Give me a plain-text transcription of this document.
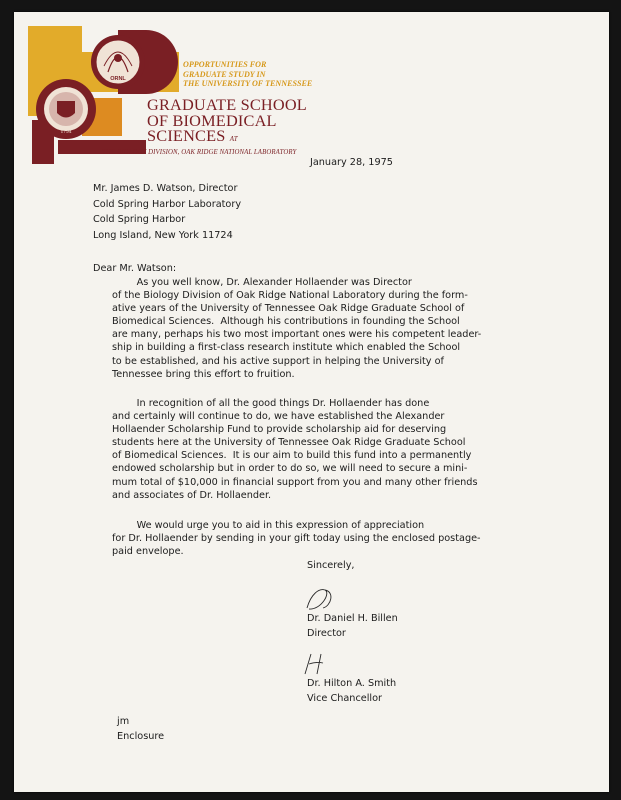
ORNL
1794
OPPORTUNITIES FOR
GRADUATE STUDY IN
THE UNIVERSITY OF TENNESSEE
GRADUATE SCHOOL
OF BIOMEDICAL
SCIENCES AT
THE BIOLOGY DIVISION, OAK RIDGE NATIONAL LABORATORY
January 28, 1975
Mr. James D. Watson, Director
Cold Spring Harbor Laboratory
Cold Spring Harbor
Long Island, New York 11724
Dear Mr. Watson:

As you well know, Dr. Alexander Hollaender was Director

of the Biology Division of Oak Ridge National Laboratory during the form-

ative years of the University of Tennessee Oak Ridge Graduate School of

Biomedical Sciences.  Although his contributions in founding the School

are many, perhaps his two most important ones were his competent leader-

ship in building a first-class research institute which enabled the School

to be established, and his active support in helping the University of

Tennessee bring this effort to fruition.

In recognition of all the good things Dr. Hollaender has done

and certainly will continue to do, we have established the Alexander

Hollaender Scholarship Fund to provide scholarship aid for deserving

students here at the University of Tennessee Oak Ridge Graduate School

of Biomedical Sciences.  It is our aim to build this fund into a permanently

endowed scholarship but in order to do so, we will need to secure a mini-

mum total of $10,000 in financial support from you and many other friends

and associates of Dr. Hollaender.

We would urge you to aid in this expression of appreciation

for Dr. Hollaender by sending in your gift today using the enclosed postage-

paid envelope.

Sincerely,
Dr. Daniel H. Billen
Director
Dr. Hilton A. Smith
Vice Chancellor
jm
Enclosure
